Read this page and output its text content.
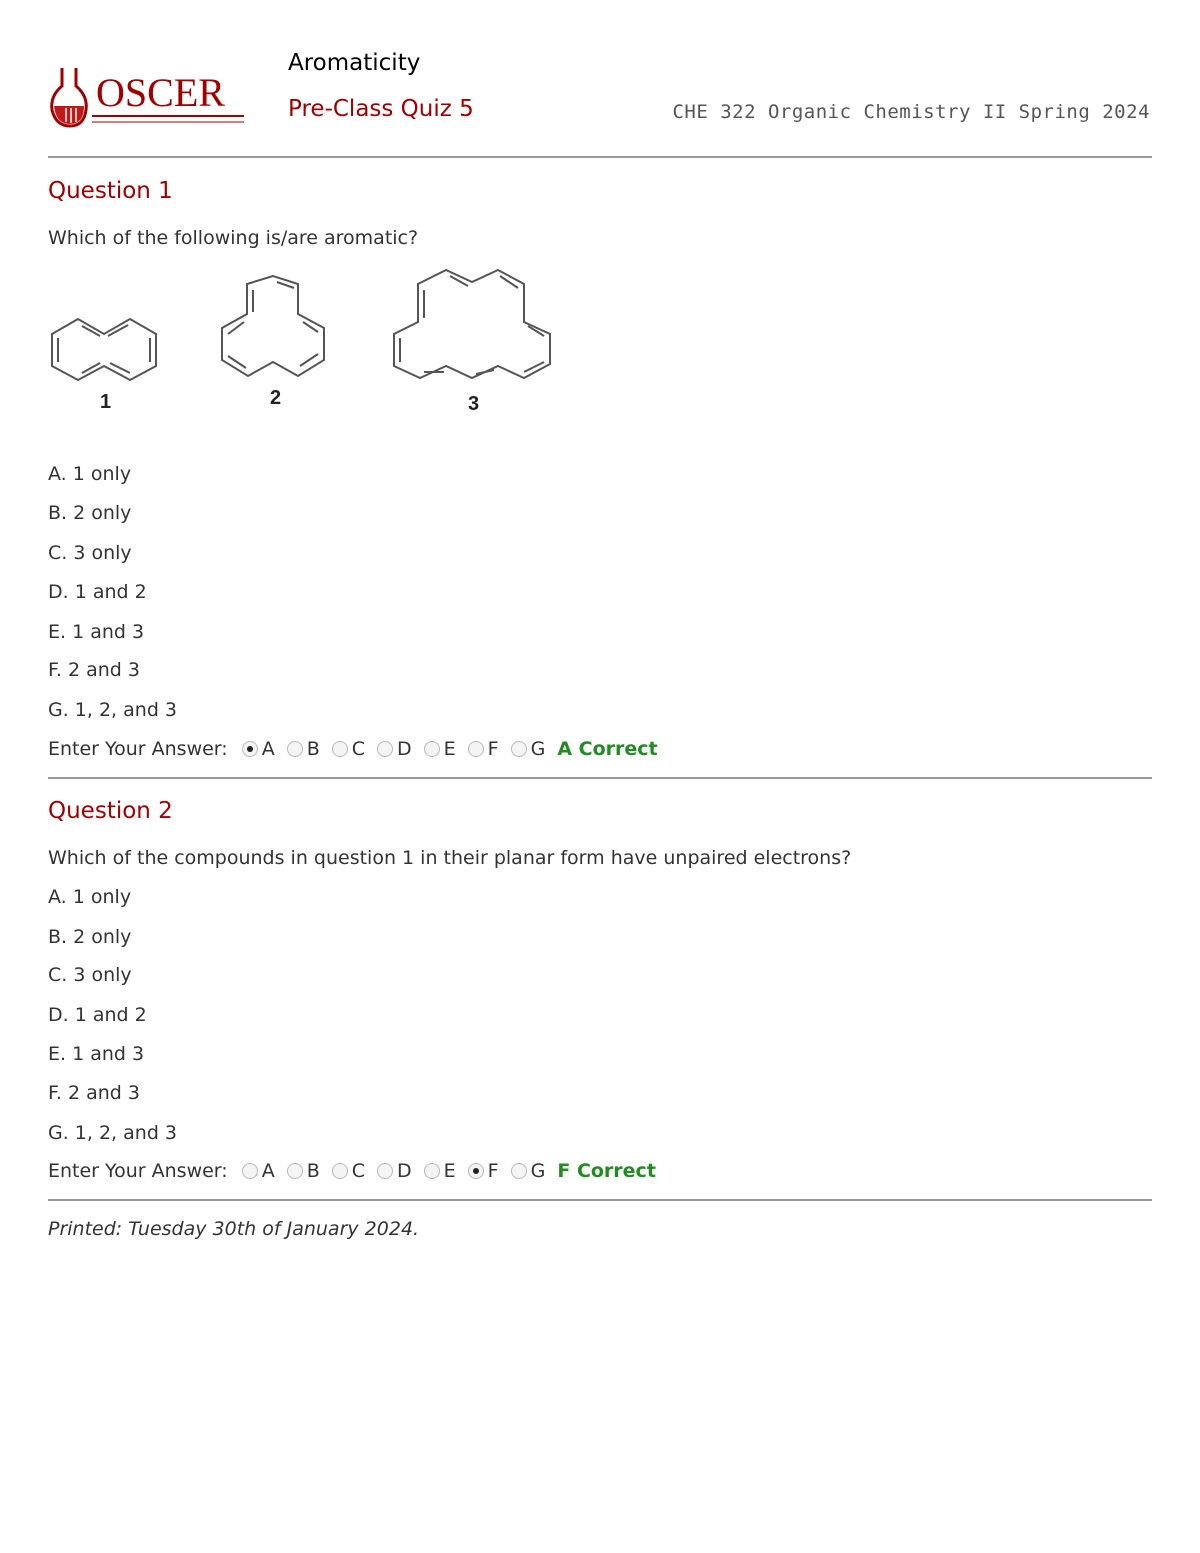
OSCER
Aromaticity
Pre-Class Quiz 5	CHE 322 Organic Chemistry II Spring 2024
Question 1
Which of the following is/are aromatic?
1	2	3
A. 1 only
B. 2 only
C. 3 only
D. 1 and 2
E. 1 and 3
F. 2 and 3
G. 1, 2, and 3
Enter Your Answer: A B C D E F G A Correct
Question 2
Which of the compounds in question 1 in their planar form have unpaired electrons?
A. 1 only
B. 2 only
C. 3 only
D. 1 and 2
E. 1 and 3
F. 2 and 3
G. 1, 2, and 3
Enter Your Answer: A B C D E F G F Correct
Printed: Tuesday 30th of January 2024.
